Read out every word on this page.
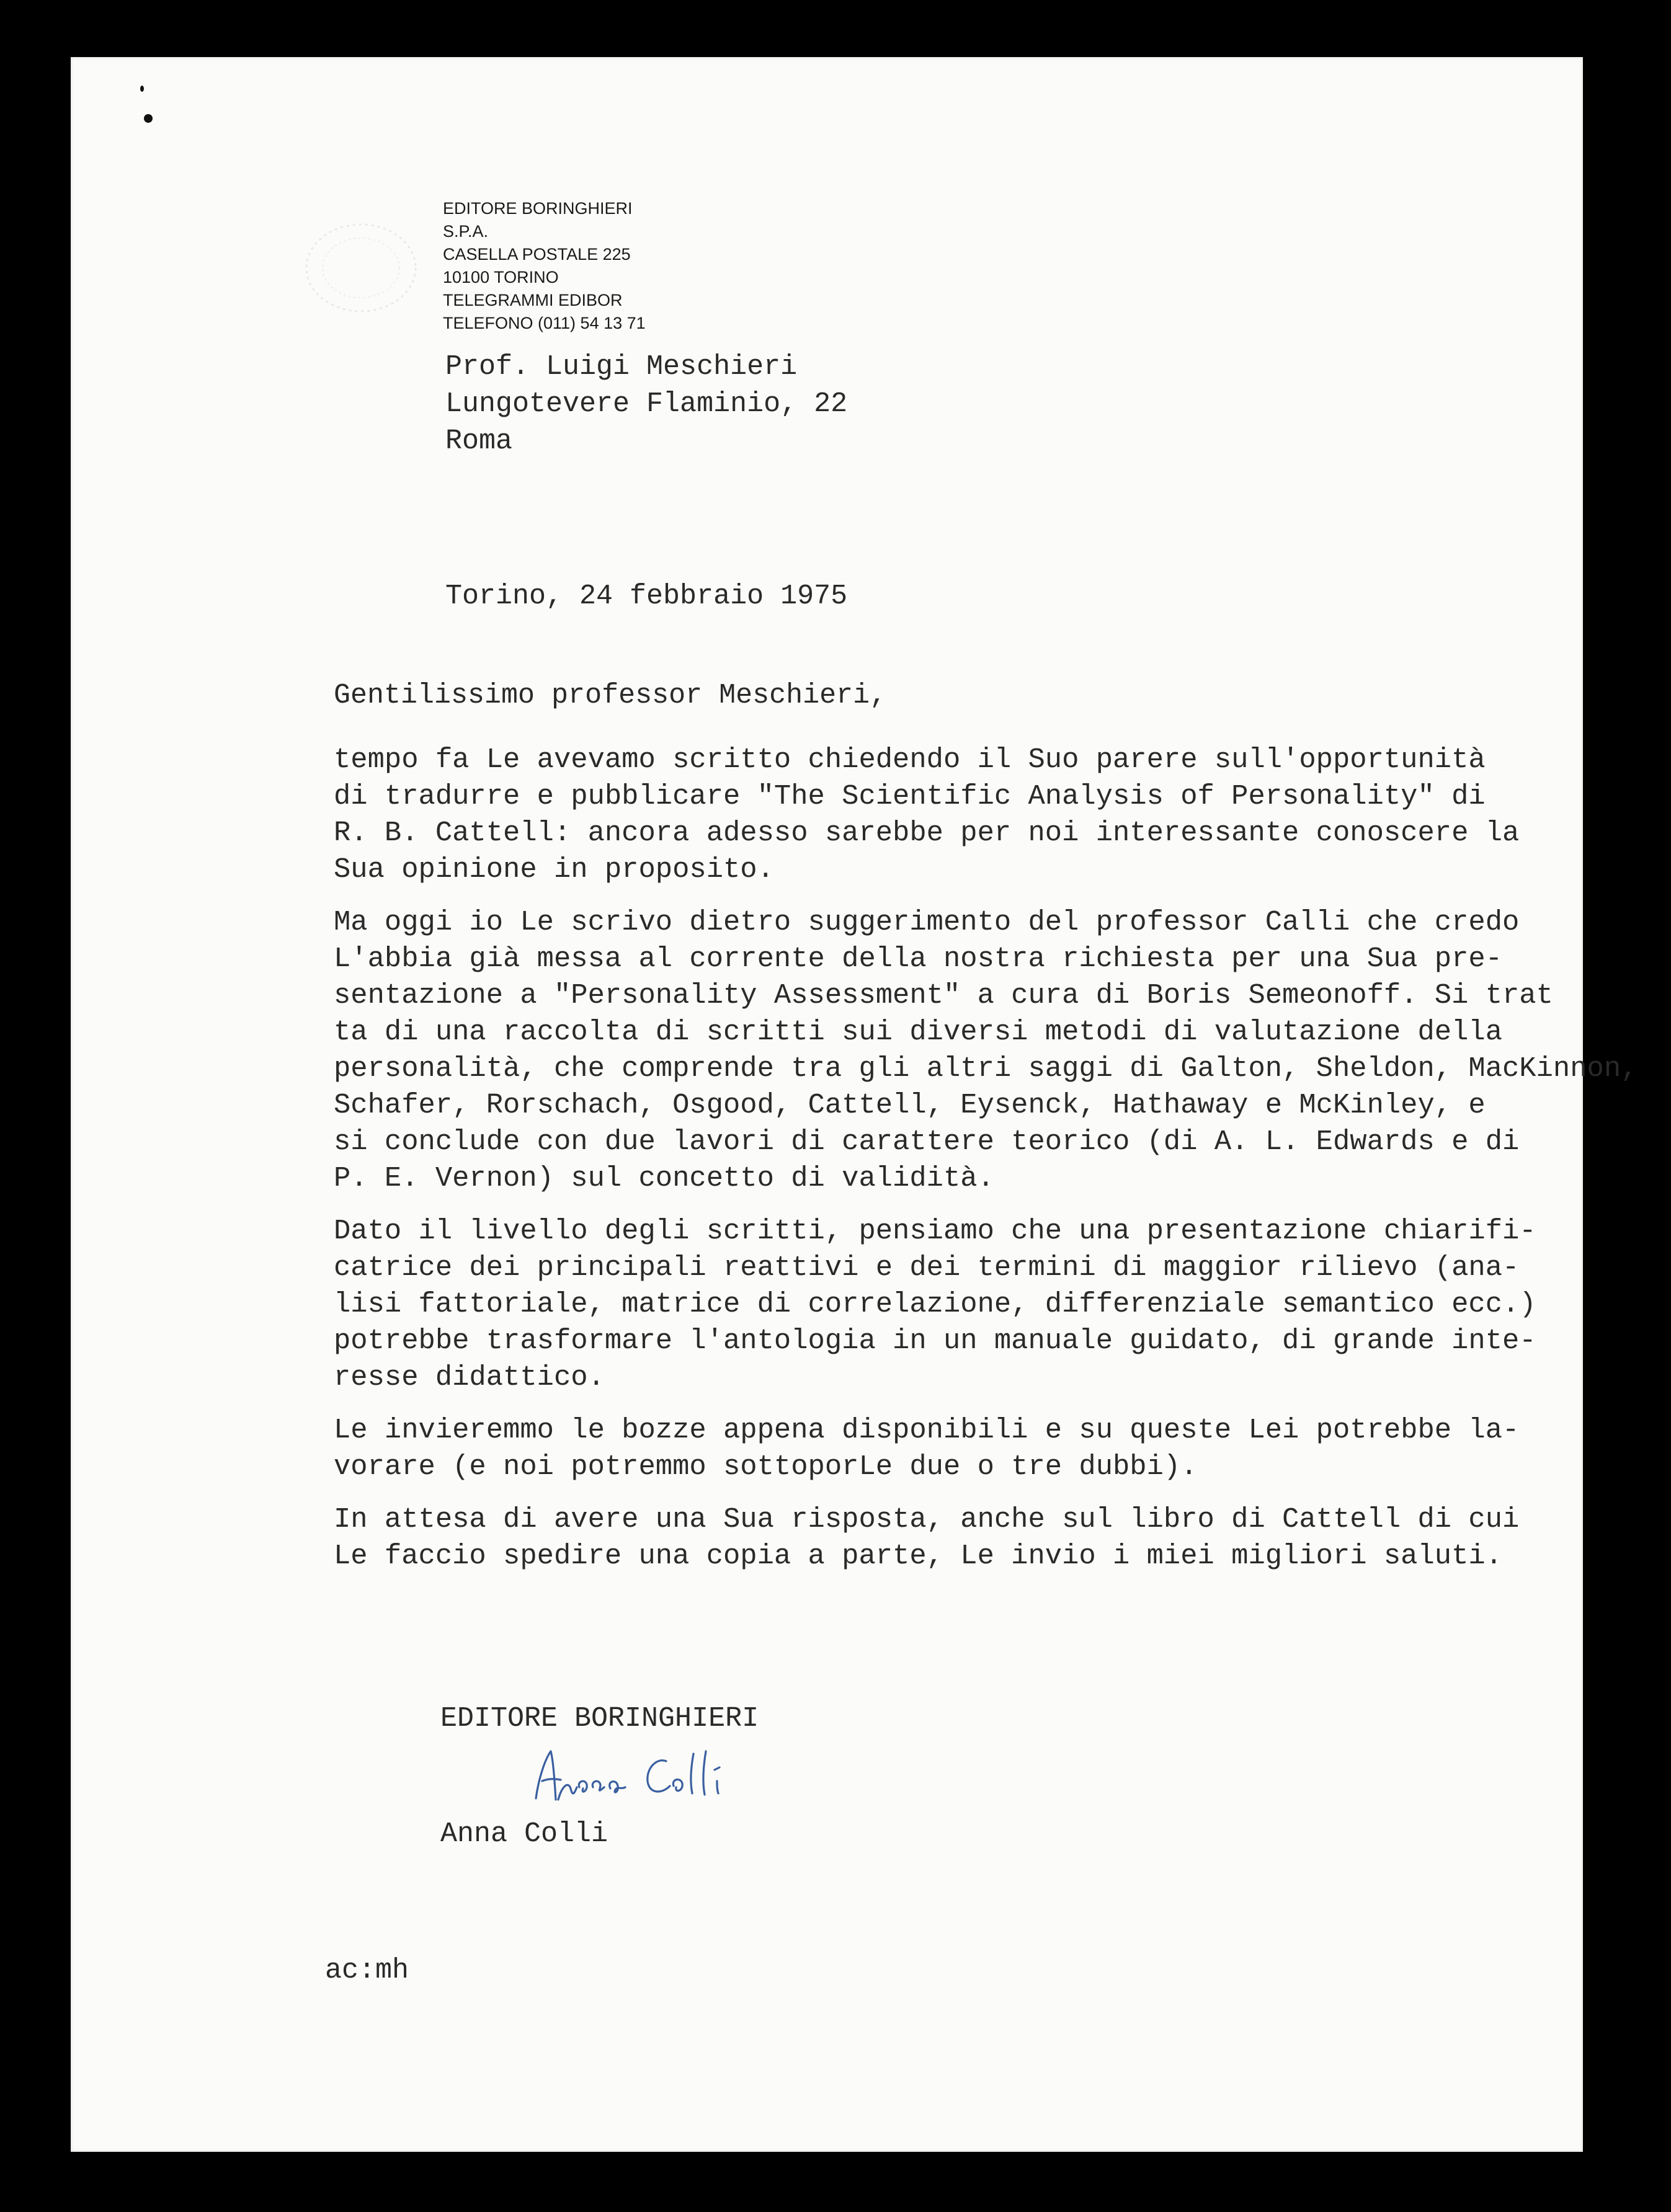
EDITORE BORINGHIERI
S.P.A.
CASELLA POSTALE 225
10100 TORINO
TELEGRAMMI EDIBOR
TELEFONO (011) 54 13 71
Prof. Luigi Meschieri
Lungotevere Flaminio, 22
Roma
Torino, 24 febbraio 1975
Gentilissimo professor Meschieri,
tempo fa Le avevamo scritto chiedendo il Suo parere sull'opportunità
di tradurre e pubblicare "The Scientific Analysis of Personality" di
R. B. Cattell: ancora adesso sarebbe per noi interessante conoscere la
Sua opinione in proposito.
Ma oggi io Le scrivo dietro suggerimento del professor Calli che credo
L'abbia già messa al corrente della nostra richiesta per una Sua pre-
sentazione a "Personality Assessment" a cura di Boris Semeonoff. Si trat
ta di una raccolta di scritti sui diversi metodi di valutazione della
personalità, che comprende tra gli altri saggi di Galton, Sheldon, MacKinnon,
Schafer, Rorschach, Osgood, Cattell, Eysenck, Hathaway e McKinley, e
si conclude con due lavori di carattere teorico (di A. L. Edwards e di
P. E. Vernon) sul concetto di validità.
Dato il livello degli scritti, pensiamo che una presentazione chiarifi-
catrice dei principali reattivi e dei termini di maggior rilievo (ana-
lisi fattoriale, matrice di correlazione, differenziale semantico ecc.)
potrebbe trasformare l'antologia in un manuale guidato, di grande inte-
resse didattico.
Le invieremmo le bozze appena disponibili e su queste Lei potrebbe la-
vorare (e noi potremmo sottoporLe due o tre dubbi).
In attesa di avere una Sua risposta, anche sul libro di Cattell di cui
Le faccio spedire una copia a parte, Le invio i miei migliori saluti.
EDITORE BORINGHIERI
Anna Colli
ac:mh
